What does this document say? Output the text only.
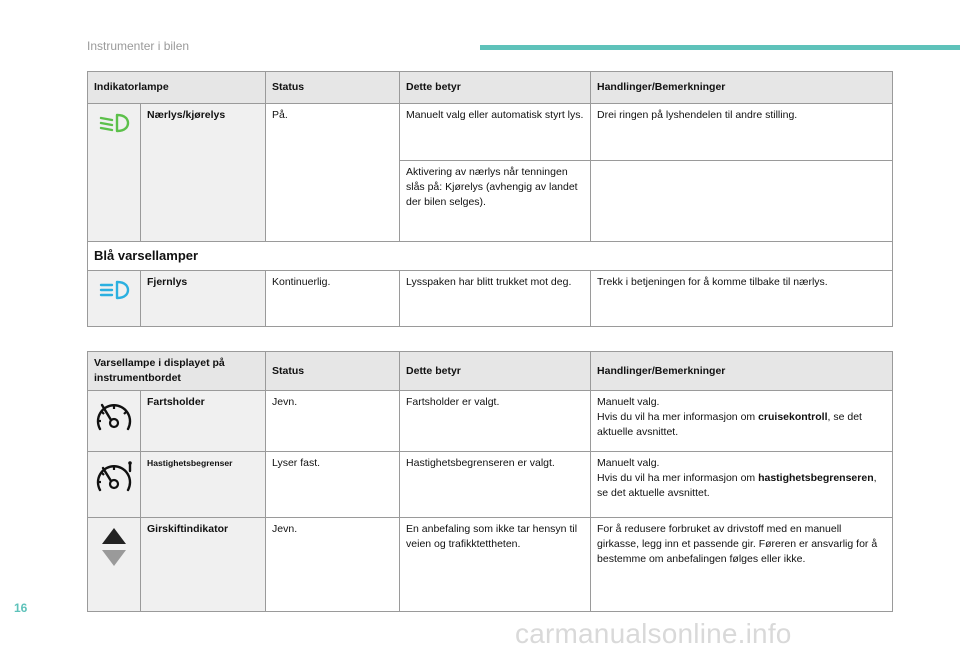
Instrumenter i bilen
Indikatorlampe		Status	Dette betyr	Handlinger/Bemerkninger
	Nærlys/kjørelys	På.	Manuelt valg eller automatisk styrt lys.	Drei ringen på lyshendelen til andre stilling.
			Aktivering av nærlys når tenningen slås på: Kjørelys (avhengig av landet der bilen selges).	
Blå varsellamper				
	Fjernlys	Kontinuerlig.	Lysspaken har blitt trukket mot deg.	Trekk i betjeningen for å komme tilbake til nærlys.
Varsellampe i displayet på instrumentbordet		Status	Dette betyr	Handlinger/Bemerkninger
	Fartsholder	Jevn.	Fartsholder er valgt.	Manuelt valg.
Hvis du vil ha mer informasjon om cruisekontroll, se det aktuelle avsnittet.

	Hastighetsbegrenser	Lyser fast.	Hastighetsbegrenseren er valgt.	Manuelt valg.
Hvis du vil ha mer informasjon om hastighetsbegrenseren, se det aktuelle avsnittet.

	Girskiftindikator	Jevn.	En anbefaling som ikke tar hensyn til veien og trafikktettheten.	For å redusere forbruket av drivstoff med en manuell girkasse, legg inn et passende gir. Føreren er ansvarlig for å bestemme om anbefalingen følges eller ikke.
16
carmanualsonline.info
